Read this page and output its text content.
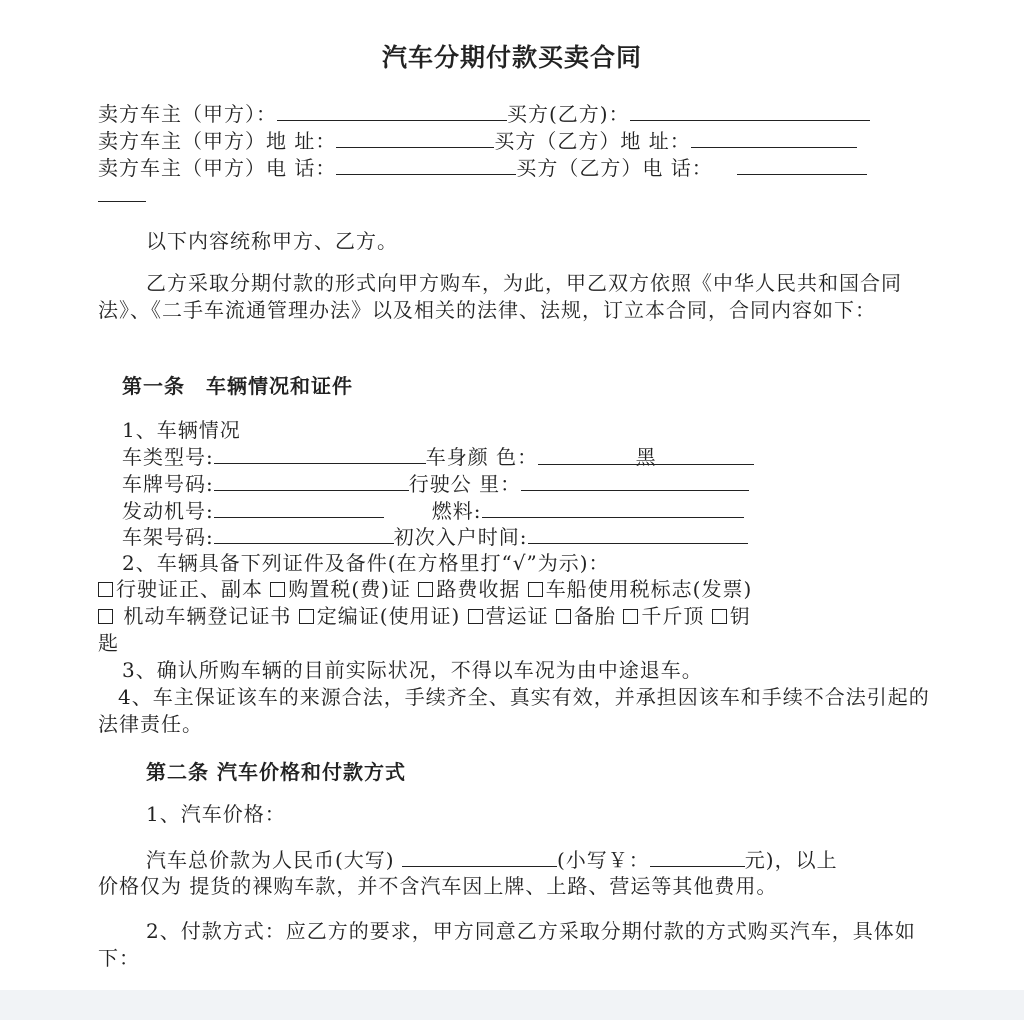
汽车分期付款买卖合同
卖方车主（甲方）：	买方(乙方)：
卖方车主（甲方）地 址：	买方（乙方）地 址：
卖方车主（甲方）电 话：	买方（乙方）电 话：
以下内容统称甲方、乙方。
乙方采取分期付款的形式向甲方购车，为此，甲乙双方依照《中华人民共和国合同法》、《二手车流通管理办法》以及相关的法律、法规，订立本合同，合同内容如下：
第一条　车辆情况和证件
1、车辆情况
车类型号:	车身颜 色：	黑
车牌号码:	行驶公 里：
发动机号:	燃料:
车架号码:	初次入户时间:
2、车辆具备下列证件及备件(在方格里打“√”为示)：
行驶证正、副本 购置税(费)证 路费收据 车船使用税标志(发票)
机动车辆登记证书 定编证(使用证) 营运证 备胎 千斤顶 钥
匙
3、确认所购车辆的目前实际状况，不得以车况为由中途退车。
4、车主保证该车的来源合法，手续齐全、真实有效，并承担因该车和手续不合法引起的法律责任。
第二条 汽车价格和付款方式
1、汽车价格：
汽车总价款为人民币(大写)	(小写￥：	元)，以上
价格仅为 提货的裸购车款，并不含汽车因上牌、上路、营运等其他费用。
2、付款方式：应乙方的要求，甲方同意乙方采取分期付款的方式购买汽车，具体如下：
